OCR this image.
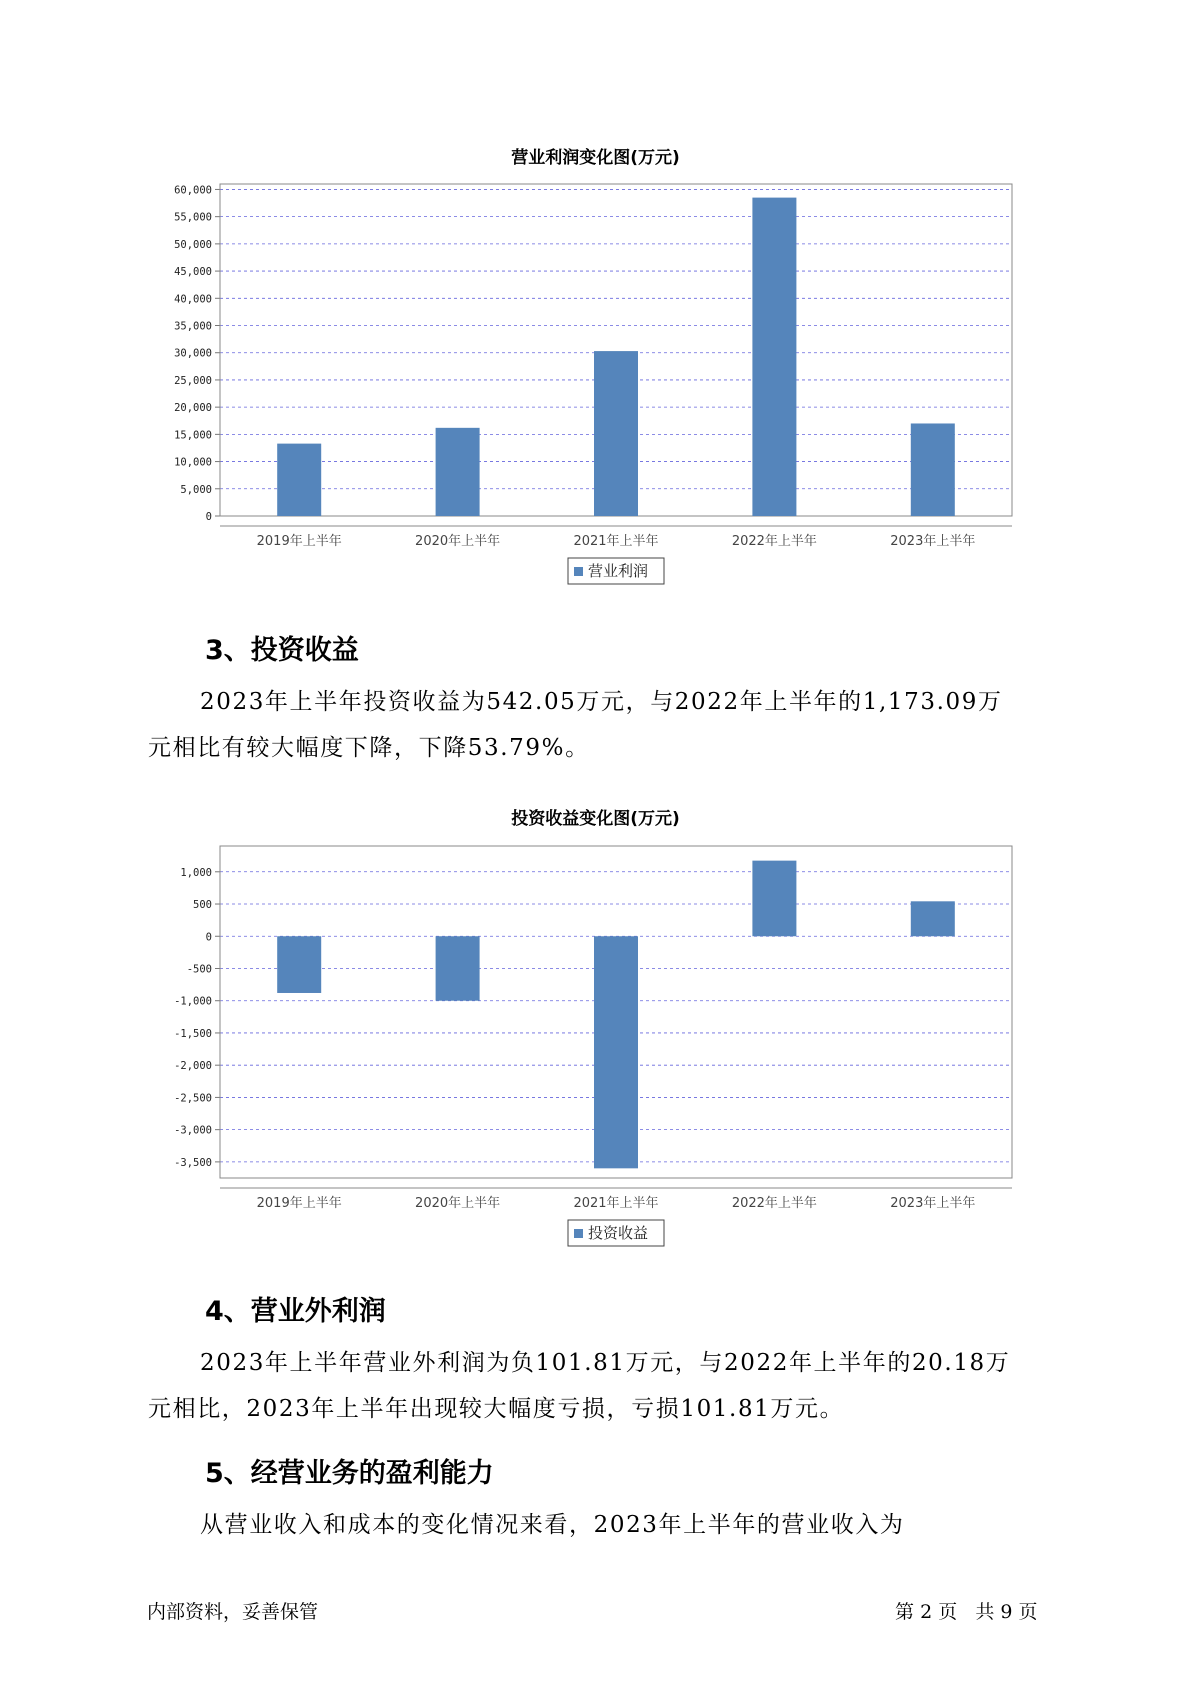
营业利润变化图(万元)
0
5,000
10,000
15,000
20,000
25,000
30,000
35,000
40,000
45,000
50,000
55,000
60,000
2019年上半年	2020年上半年	2021年上半年	2022年上半年	2023年上半年
营业利润
3、投资收益
2023年上半年投资收益为542.05万元，与2022年上半年的1,173.09万
元相比有较大幅度下降，下降53.79%。
投资收益变化图(万元)
1,000
500
0
-500
-1,000
-1,500
-2,000
-2,500
-3,000
-3,500
2019年上半年	2020年上半年	2021年上半年	2022年上半年	2023年上半年
投资收益
4、营业外利润
2023年上半年营业外利润为负101.81万元，与2022年上半年的20.18万
元相比，2023年上半年出现较大幅度亏损，亏损101.81万元。
5、经营业务的盈利能力
从营业收入和成本的变化情况来看，2023年上半年的营业收入为
内部资料，妥善保管	第 2 页 共 9 页
